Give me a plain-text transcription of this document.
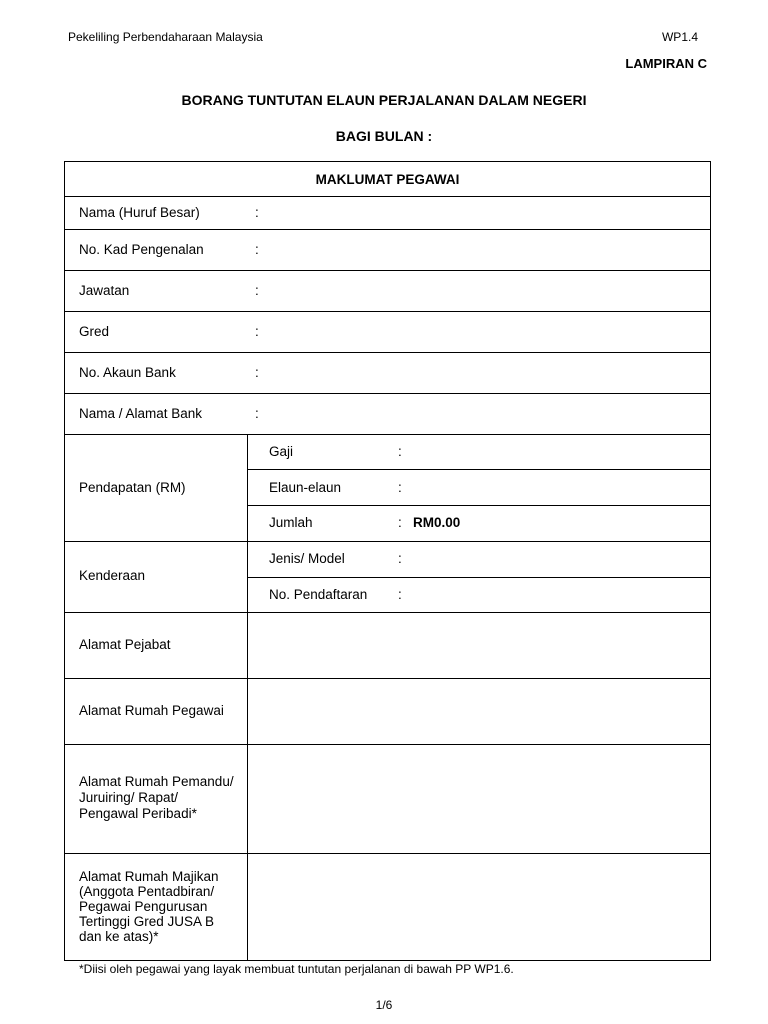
Pekeliling Perbendaharaan Malaysia	WP1.4
LAMPIRAN C
BORANG TUNTUTAN ELAUN PERJALANAN DALAM NEGERI
BAGI BULAN :
MAKLUMAT PEGAWAI
Nama (Huruf Besar)	:
No. Kad Pengenalan	:
Jawatan	:
Gred	:
No. Akaun Bank	:
Nama / Alamat Bank	:
Pendapatan (RM)
Gaji	:
Elaun-elaun	:
Jumlah	: RM0.00
Kenderaan
Jenis/ Model	:
No. Pendaftaran :
Alamat Pejabat
Alamat Rumah Pegawai
Alamat Rumah Pemandu/
Juruiring/ Rapat/
Pengawal Peribadi*
Alamat Rumah Majikan
(Anggota Pentadbiran/
Pegawai Pengurusan
Tertinggi Gred JUSA B
dan ke atas)*
*Diisi oleh pegawai yang layak membuat tuntutan perjalanan di bawah PP WP1.6.
1/6
